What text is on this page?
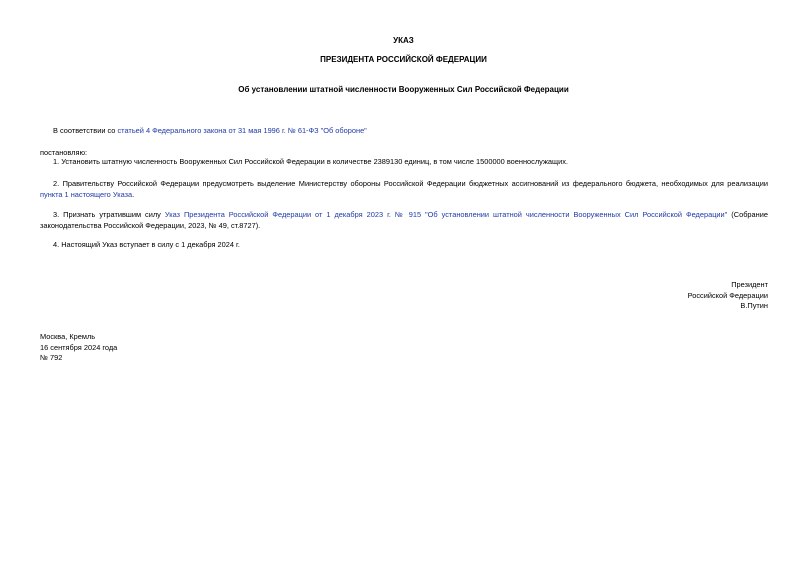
УКАЗ
ПРЕЗИДЕНТА РОССИЙСКОЙ ФЕДЕРАЦИИ
Об установлении штатной численности Вооруженных Сил Российской Федерации
В соответствии со статьей 4 Федерального закона от 31 мая 1996 г. № 61-ФЗ "Об обороне"
постановляю:
1. Установить штатную численность Вооруженных Сил Российской Федерации в количестве 2389130 единиц, в том числе 1500000 военнослужащих.
2. Правительству Российской Федерации предусмотреть выделение Министерству обороны Российской Федерации бюджетных ассигнований из федерального бюджета, необходимых для реализации пункта 1 настоящего Указа.
3. Признать утратившим силу Указ Президента Российской Федерации от 1 декабря 2023 г. № 915 "Об установлении штатной численности Вооруженных Сил Российской Федерации" (Собрание законодательства Российской Федерации, 2023, № 49, ст.8727).
4. Настоящий Указ вступает в силу с 1 декабря 2024 г.
Президент
Российской Федерации
В.Путин
Москва, Кремль
16 сентября 2024 года
№ 792
